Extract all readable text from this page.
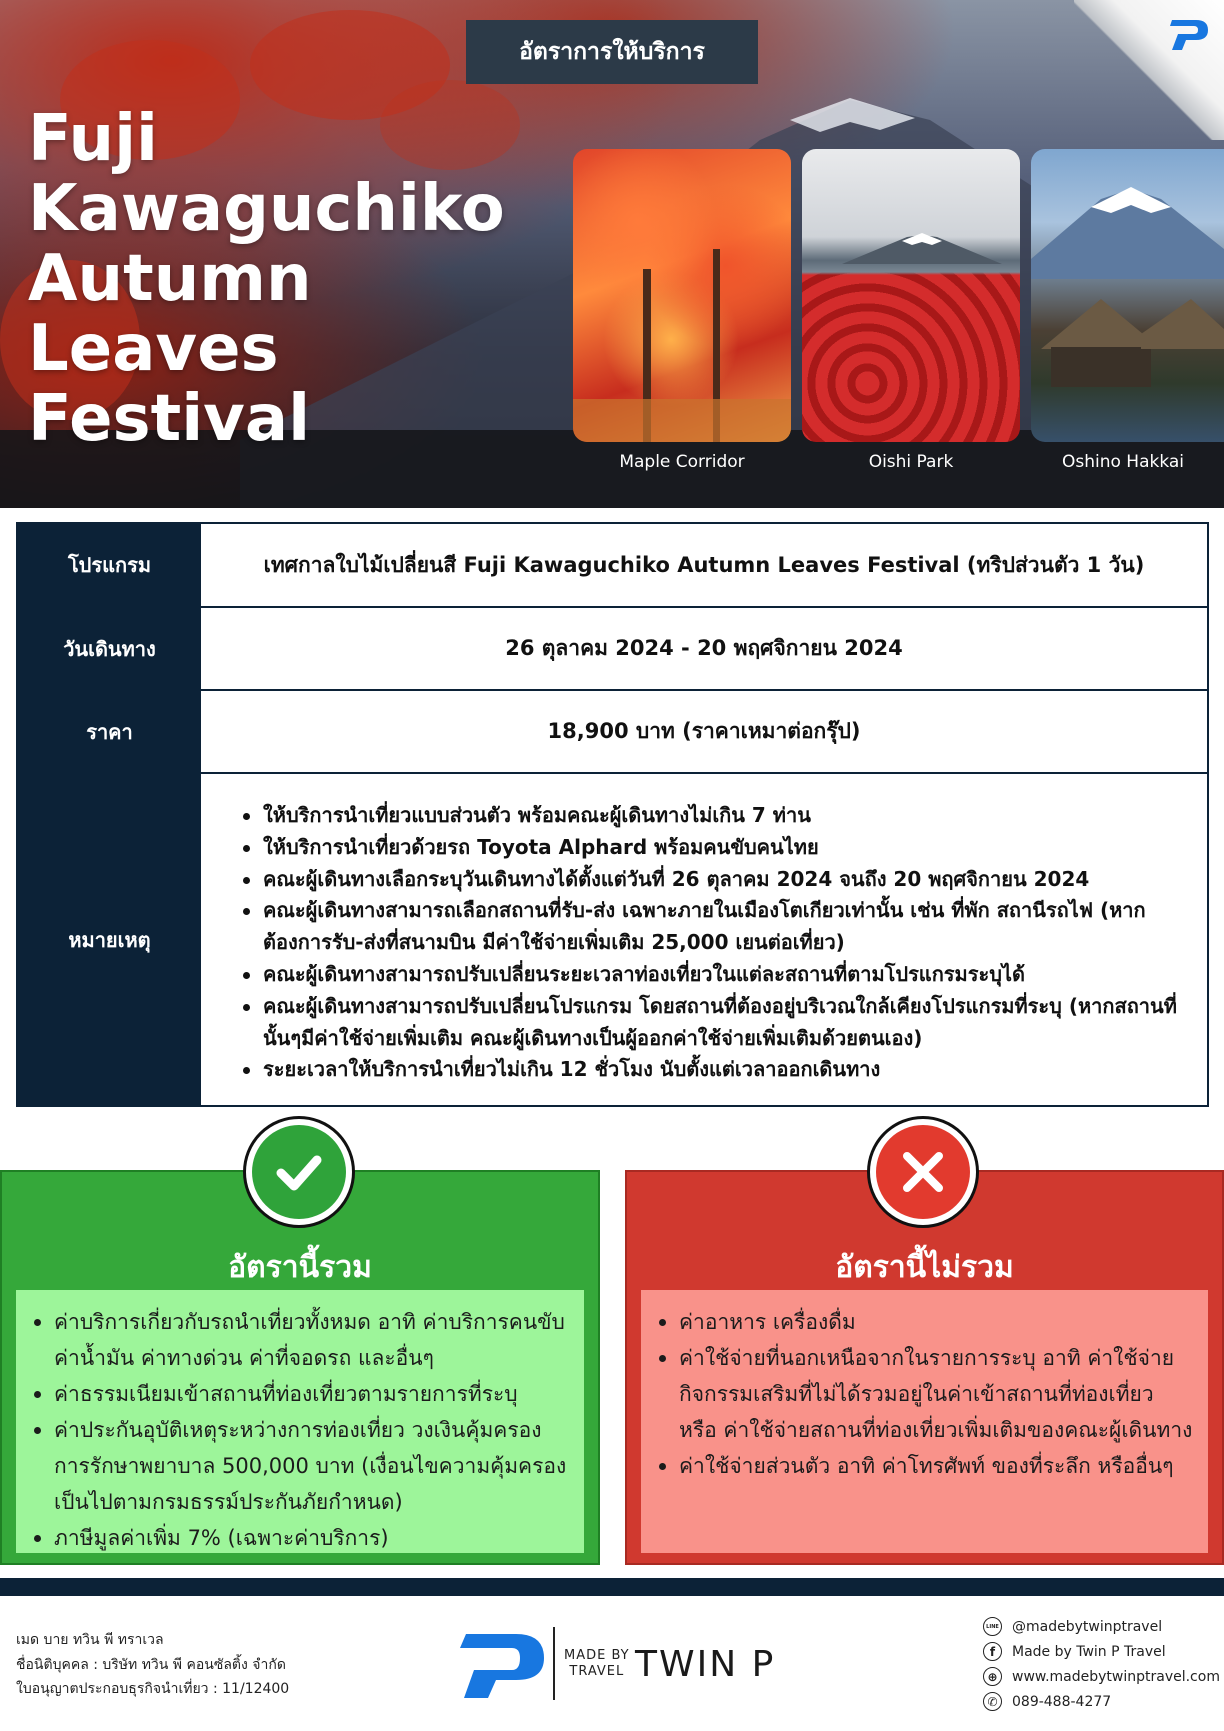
อัตราการให้บริการ
Fuji
Kawaguchiko
Autumn
Leaves
Festival
Maple Corridor	Oishi Park	Oshino Hakkai
โปรแกรม	เทศกาลใบไม้เปลี่ยนสี Fuji Kawaguchiko Autumn Leaves Festival (ทริปส่วนตัว 1 วัน)
วันเดินทาง	26 ตุลาคม 2024 - 20 พฤศจิกายน 2024
ราคา	18,900 บาท (ราคาเหมาต่อกรุ๊ป)
หมายเหตุ
ให้บริการนำเที่ยวแบบส่วนตัว พร้อมคณะผู้เดินทางไม่เกิน 7 ท่าน
ให้บริการนำเที่ยวด้วยรถ Toyota Alphard พร้อมคนขับคนไทย
คณะผู้เดินทางเลือกระบุวันเดินทางได้ตั้งแต่วันที่ 26 ตุลาคม 2024 จนถึง 20 พฤศจิกายน 2024
คณะผู้เดินทางสามารถเลือกสถานที่รับ-ส่ง เฉพาะภายในเมืองโตเกียวเท่านั้น เช่น ที่พัก สถานีรถไฟ (หากต้องการรับ-ส่งที่สนามบิน มีค่าใช้จ่ายเพิ่มเติม 25,000 เยนต่อเที่ยว)
คณะผู้เดินทางสามารถปรับเปลี่ยนระยะเวลาท่องเที่ยวในแต่ละสถานที่ตามโปรแกรมระบุได้
คณะผู้เดินทางสามารถปรับเปลี่ยนโปรแกรม โดยสถานที่ต้องอยู่บริเวณใกล้เคียงโปรแกรมที่ระบุ (หากสถานที่นั้นๆมีค่าใช้จ่ายเพิ่มเติม คณะผู้เดินทางเป็นผู้ออกค่าใช้จ่ายเพิ่มเติมด้วยตนเอง)
ระยะเวลาให้บริการนำเที่ยวไม่เกิน 12 ชั่วโมง นับตั้งแต่เวลาออกเดินทาง
อัตรานี้รวม
ค่าบริการเกี่ยวกับรถนำเที่ยวทั้งหมด อาทิ ค่าบริการคนขับ ค่าน้ำมัน ค่าทางด่วน ค่าที่จอดรถ และอื่นๆ
ค่าธรรมเนียมเข้าสถานที่ท่องเที่ยวตามรายการที่ระบุ
ค่าประกันอุบัติเหตุระหว่างการท่องเที่ยว วงเงินคุ้มครองการรักษาพยาบาล 500,000 บาท (เงื่อนไขความคุ้มครองเป็นไปตามกรมธรรม์ประกันภัยกำหนด)
ภาษีมูลค่าเพิ่ม 7% (เฉพาะค่าบริการ)
อัตรานี้ไม่รวม
ค่าอาหาร เครื่องดื่ม
ค่าใช้จ่ายที่นอกเหนือจากในรายการระบุ อาทิ ค่าใช้จ่ายกิจกรรมเสริมที่ไม่ได้รวมอยู่ในค่าเข้าสถานที่ท่องเที่ยว หรือ ค่าใช้จ่ายสถานที่ท่องเที่ยวเพิ่มเติมของคณะผู้เดินทาง
ค่าใช้จ่ายส่วนตัว อาทิ ค่าโทรศัพท์ ของที่ระลึก หรืออื่นๆ
เมด บาย ทวิน พี ทราเวล
ชื่อนิติบุคคล : บริษัท ทวิน พี คอนซัลติ้ง จำกัด
ใบอนุญาตประกอบธุรกิจนำเที่ยว : 11/12400
MADE BY
TRAVEL TWIN P
LINE @madebytwinptravel
f	Made by Twin P Travel
⊕	www.madebytwinptravel.com
✆	089-488-4277
